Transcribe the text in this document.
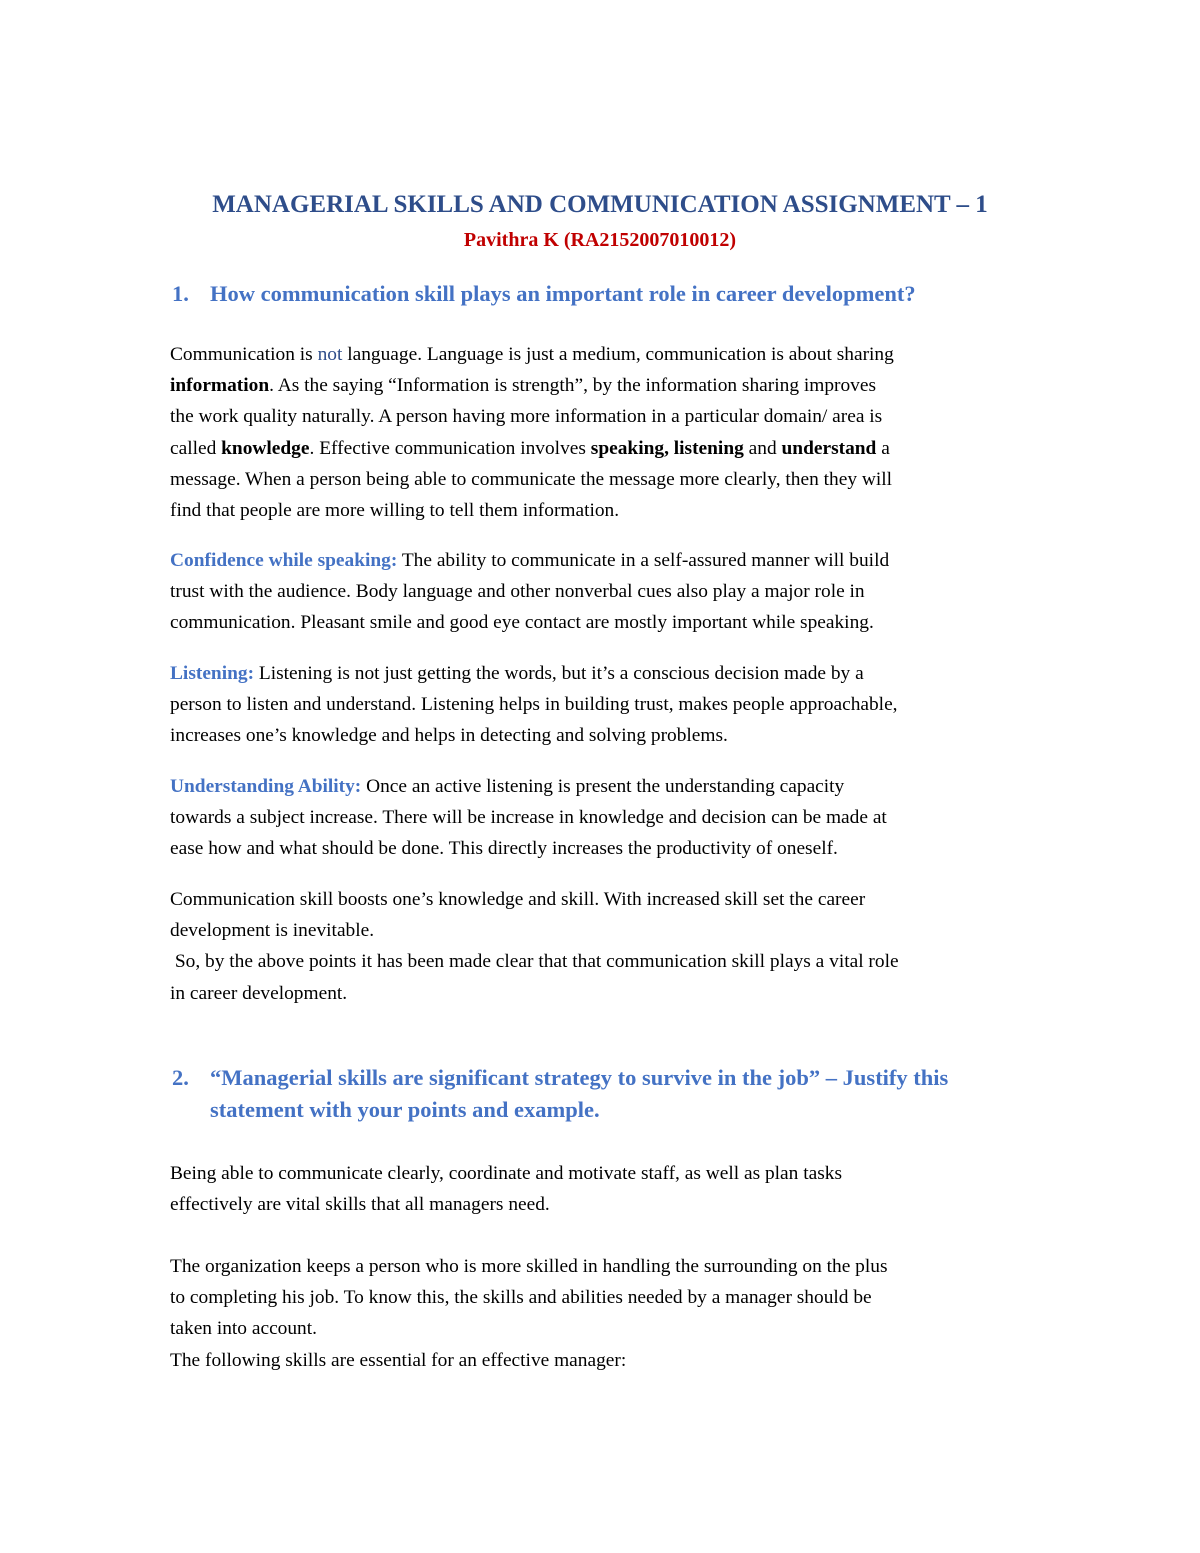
MANAGERIAL SKILLS AND COMMUNICATION ASSIGNMENT – 1
Pavithra K (RA2152007010012)
1. How communication skill plays an important role in career development?

Communication is not language. Language is just a medium, communication is about sharing

information. As the saying “Information is strength”, by the information sharing improves

the work quality naturally. A person having more information in a particular domain/ area is

called knowledge. Effective communication involves speaking, listening and understand a

message. When a person being able to communicate the message more clearly, then they will

find that people are more willing to tell them information.

Confidence while speaking: The ability to communicate in a self-assured manner will build

trust with the audience. Body language and other nonverbal cues also play a major role in

communication. Pleasant smile and good eye contact are mostly important while speaking.

Listening: Listening is not just getting the words, but it’s a conscious decision made by a

person to listen and understand. Listening helps in building trust, makes people approachable,

increases one’s knowledge and helps in detecting and solving problems.

Understanding Ability: Once an active listening is present the understanding capacity

towards a subject increase. There will be increase in knowledge and decision can be made at

ease how and what should be done. This directly increases the productivity of oneself.

Communication skill boosts one’s knowledge and skill. With increased skill set the career

development is inevitable.

So, by the above points it has been made clear that that communication skill plays a vital role

in career development.

2. “Managerial skills are significant strategy to survive in the job” – Justify this
statement with your points and example.

Being able to communicate clearly, coordinate and motivate staff, as well as plan tasks

effectively are vital skills that all managers need.

The organization keeps a person who is more skilled in handling the surrounding on the plus

to completing his job. To know this, the skills and abilities needed by a manager should be

taken into account.

The following skills are essential for an effective manager:
